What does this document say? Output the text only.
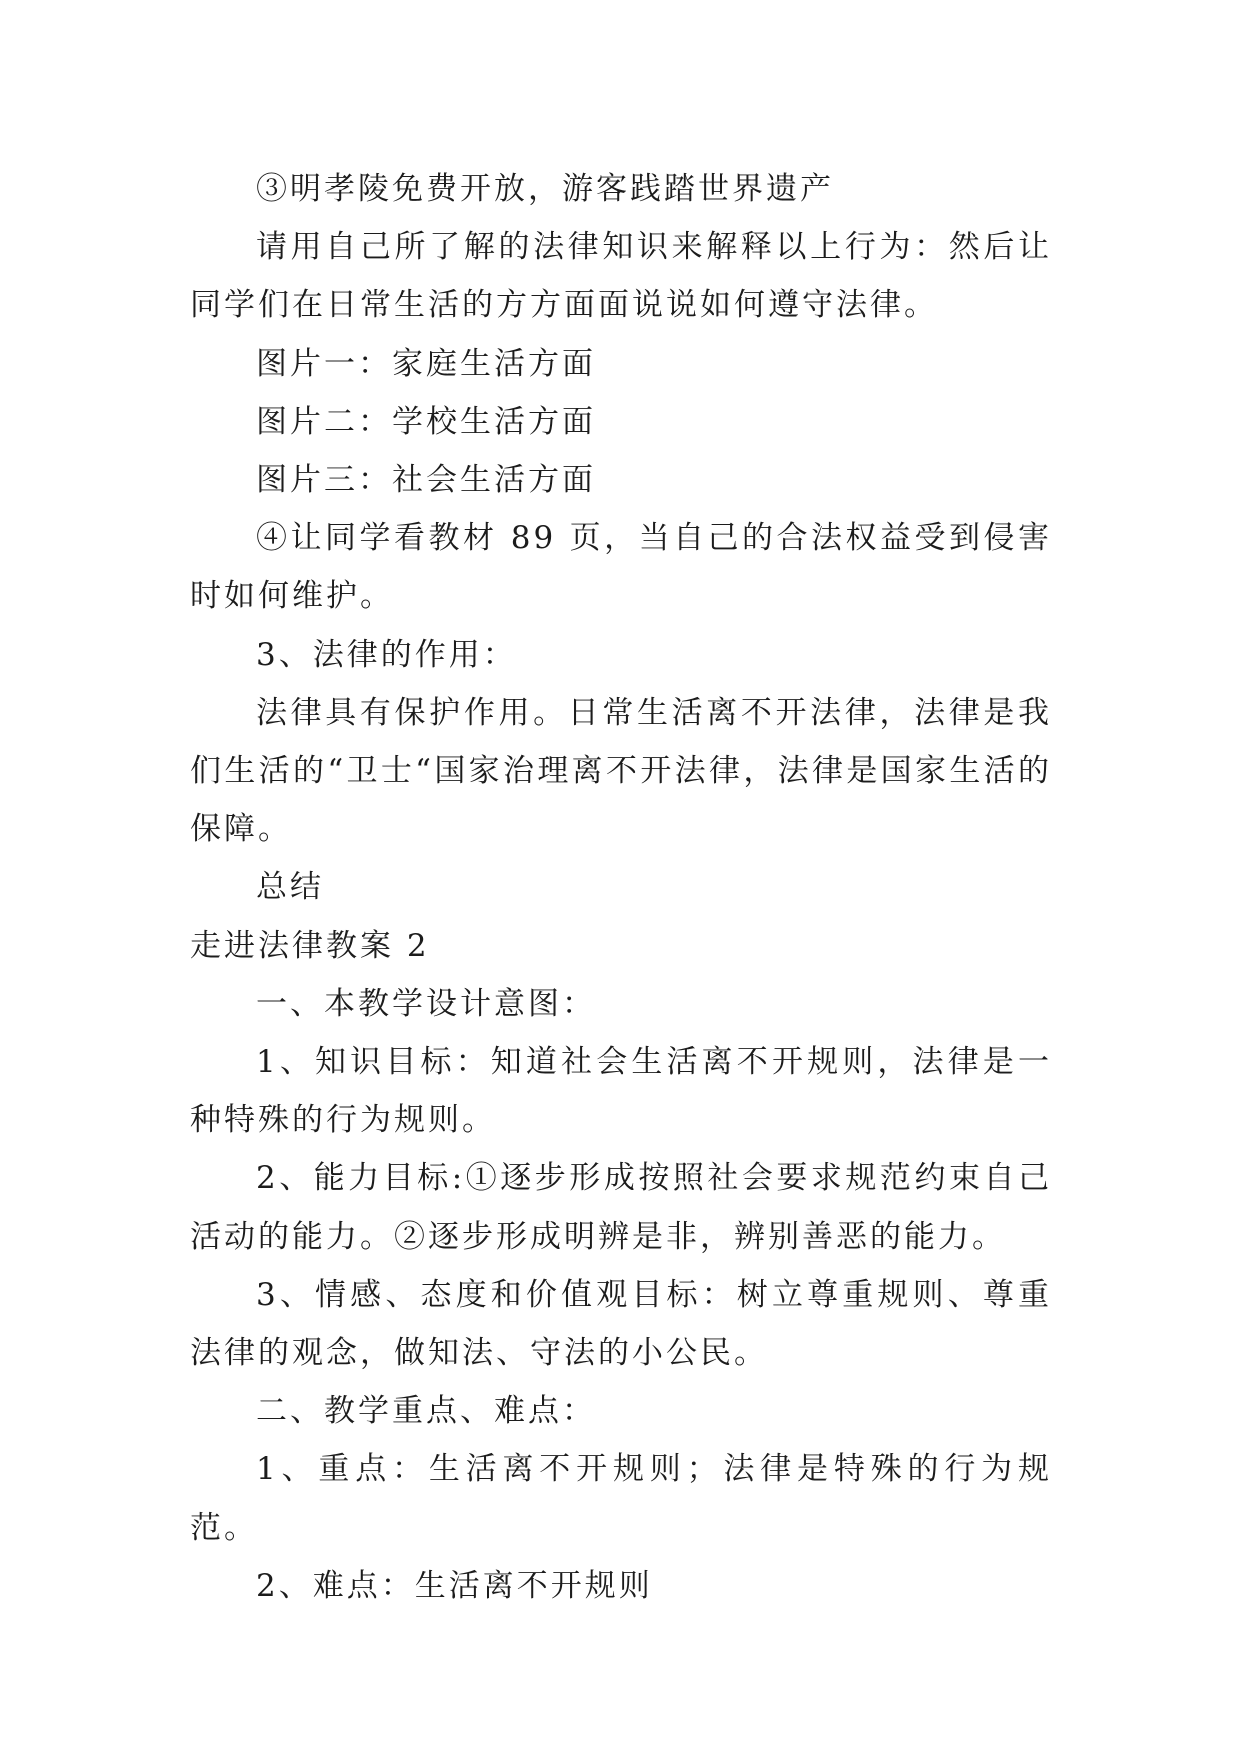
③明孝陵免费开放，游客践踏世界遗产

请用自己所了解的法律知识来解释以上行为：然后让同学们在日常生活的方方面面说说如何遵守法律。

图片一：家庭生活方面

图片二：学校生活方面

图片三：社会生活方面

④让同学看教材 89 页，当自己的合法权益受到侵害时如何维护。

3、法律的作用：

法律具有保护作用。日常生活离不开法律，法律是我们生活的“卫士“国家治理离不开法律，法律是国家生活的保障。

总结

走进法律教案 2

一、本教学设计意图：

1、知识目标：知道社会生活离不开规则，法律是一种特殊的行为规则。

2、能力目标:①逐步形成按照社会要求规范约束自己活动的能力。②逐步形成明辨是非，辨别善恶的能力。

3、情感、态度和价值观目标：树立尊重规则、尊重法律的观念，做知法、守法的小公民。

二、教学重点、难点：

1、重点：生活离不开规则；法律是特殊的行为规范。

2、难点：生活离不开规则
